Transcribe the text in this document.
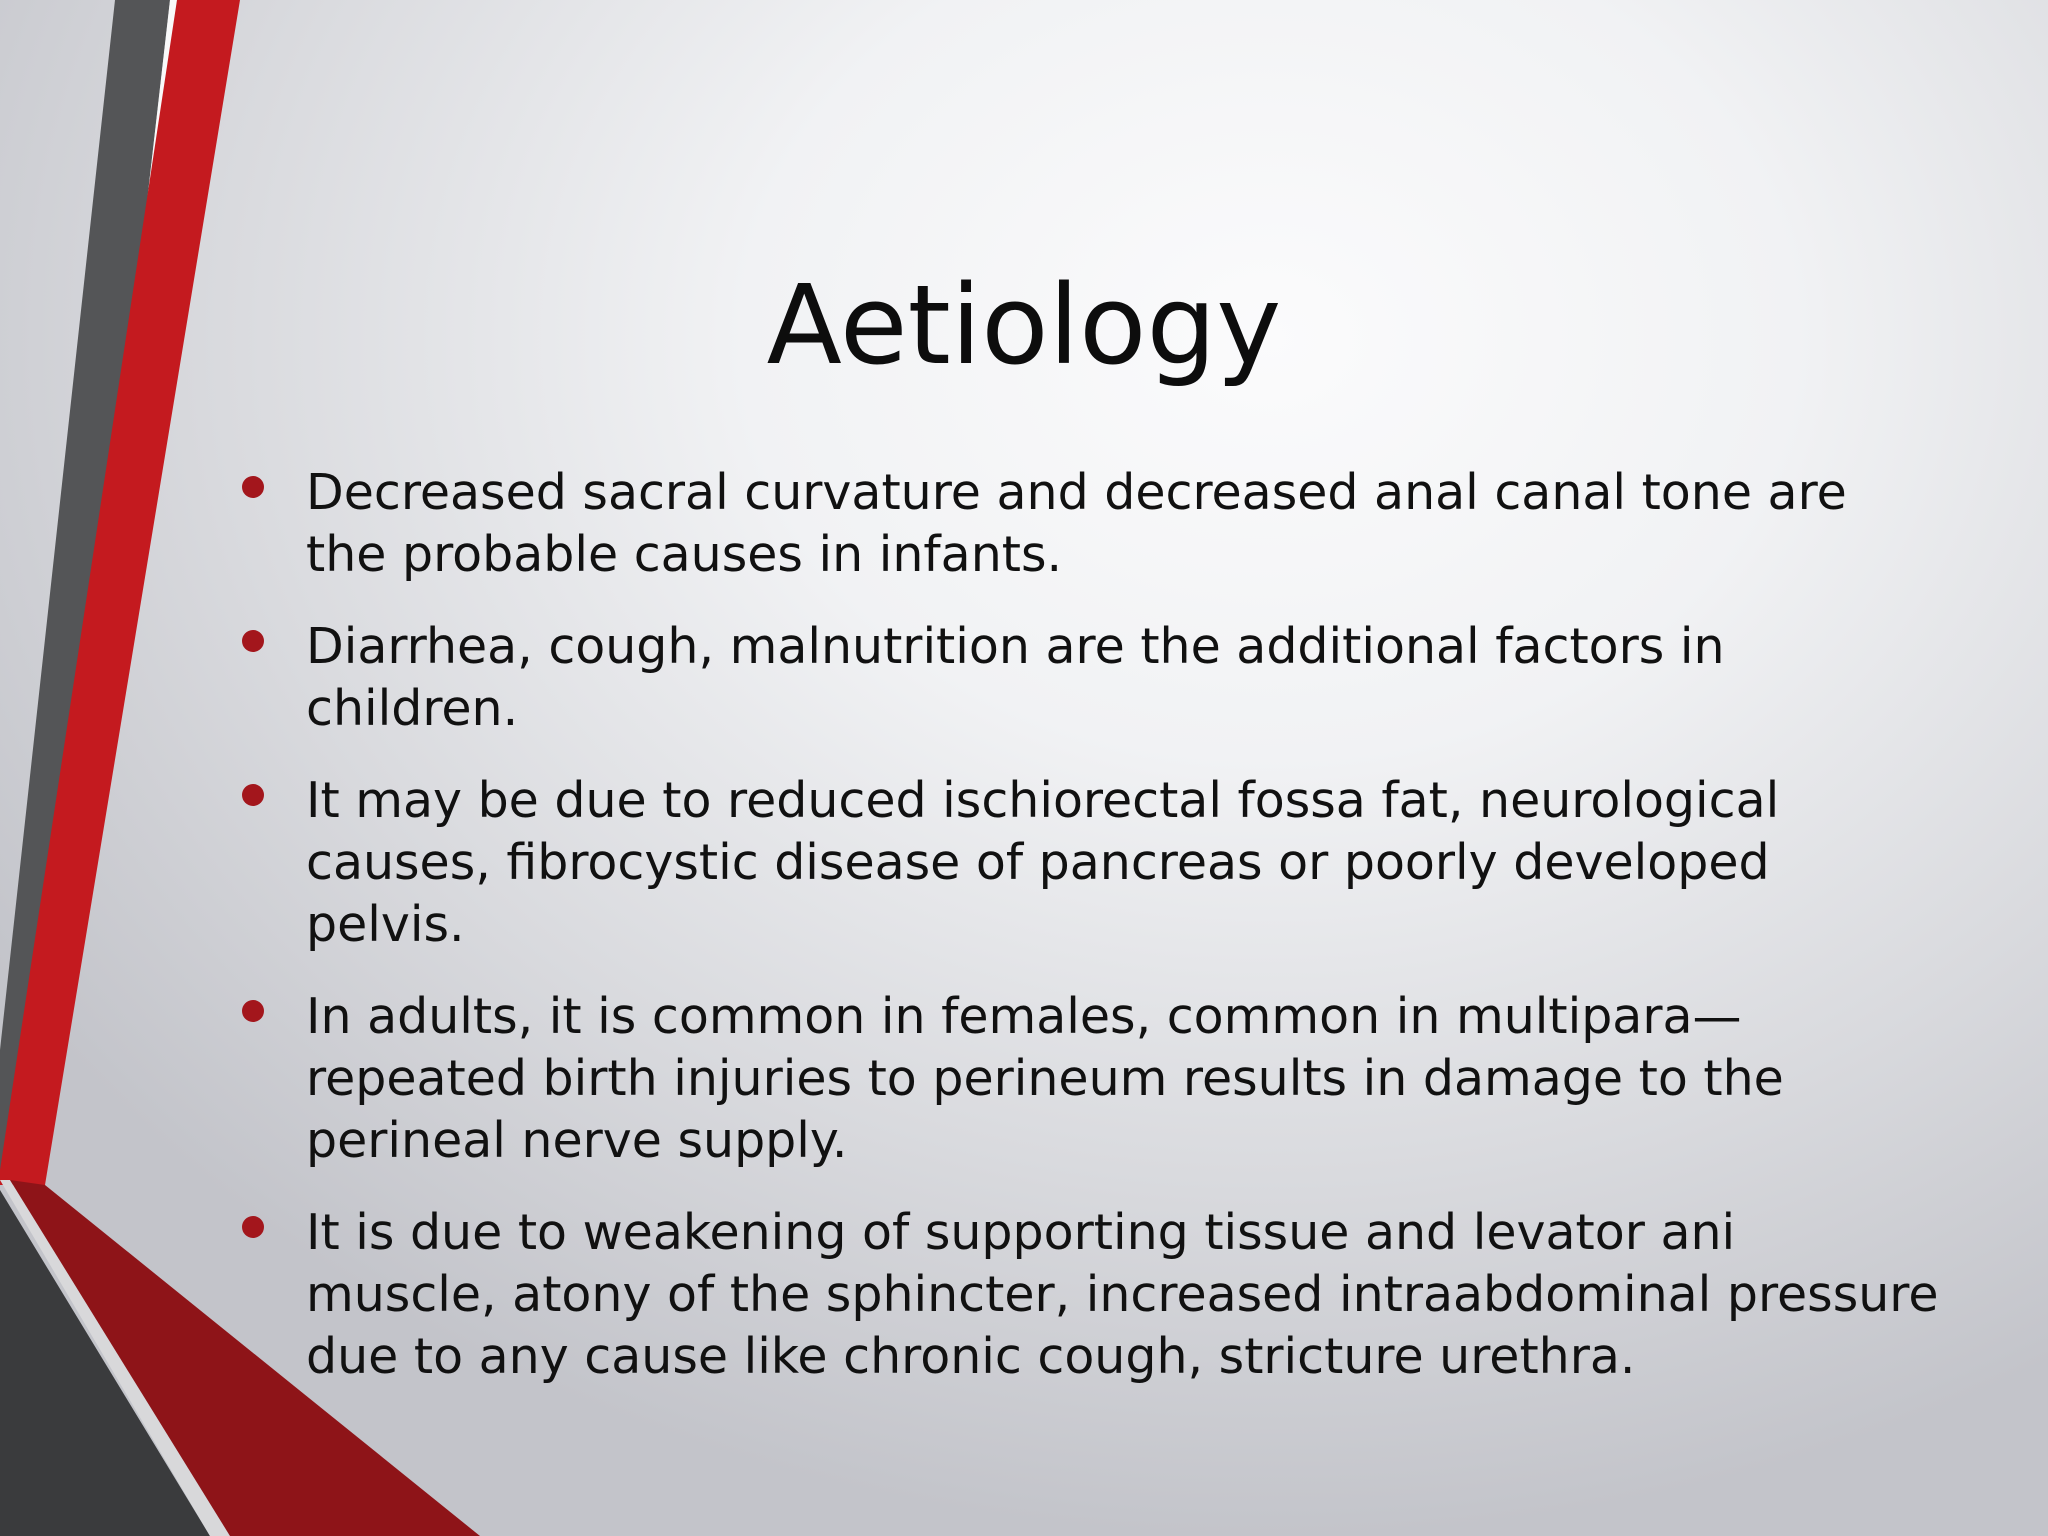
Aetiology
Decreased sacral curvature and decreased anal canal tone are the probable causes in infants.
Diarrhea, cough, malnutrition are the additional factors in children.
It may be due to reduced ischiorectal fossa fat, neurological causes, fibrocystic disease of pancreas or poorly developed pelvis.
In adults, it is common in females, common in multipara—repeated birth injuries to perineum results in damage to the perineal nerve supply.
It is due to weakening of supporting tissue and levator ani muscle, atony of the sphincter, increased intraabdominal pressure due to any cause like chronic cough, stricture urethra.
